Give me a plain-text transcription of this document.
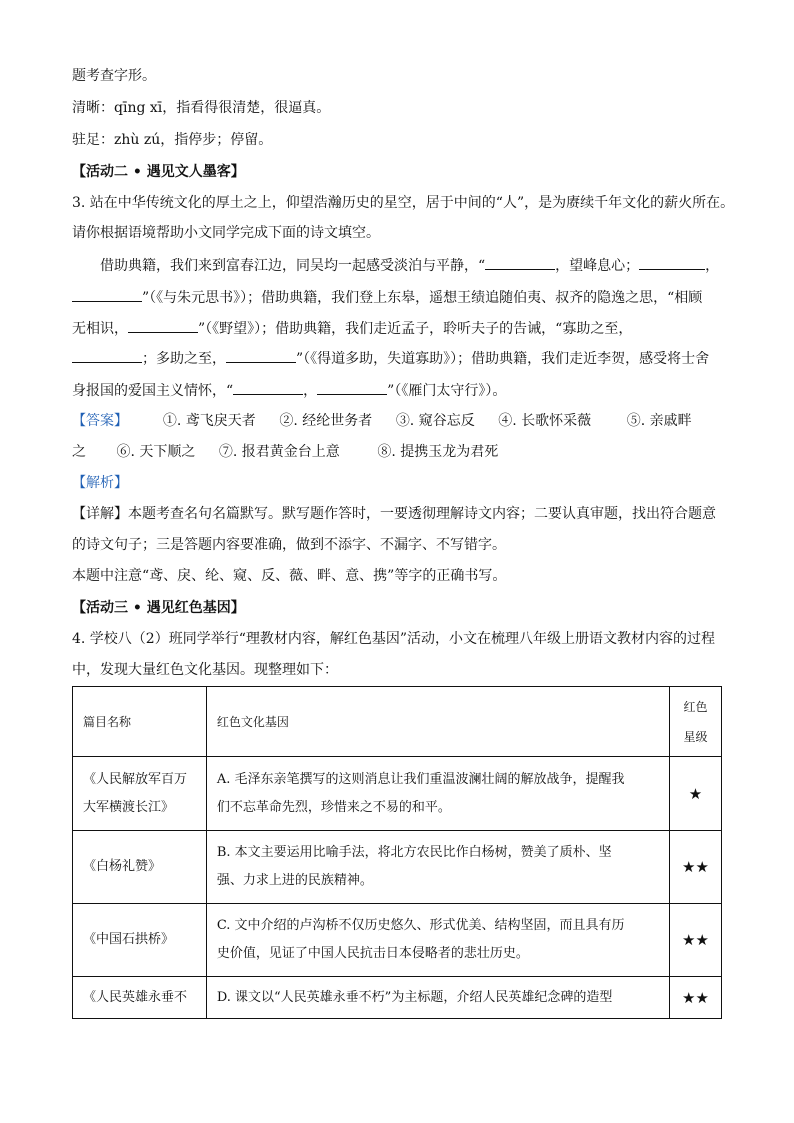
题考查字形。
清晰：qīng xī，指看得很清楚，很逼真。
驻足：zhù zú，指停步；停留。
【活动二 • 遇见文人墨客】
3. 站在中华传统文化的厚土之上，仰望浩瀚历史的星空，居于中间的“人”，是为赓续千年文化的薪火所在。
请你根据语境帮助小文同学完成下面的诗文填空。
借助典籍，我们来到富春江边，同吴均一起感受淡泊与平静，“	，望峰息心；	，
”（《与朱元思书》）；借助典籍，我们登上东皋，遥想王绩追随伯夷、叔齐的隐逸之思，“相顾
无相识，	”（《野望》）；借助典籍，我们走近孟子，聆听夫子的告诫，“寡助之至，
；多助之至，	”（《得道多助，失道寡助》）；借助典籍，我们走近李贺，感受将士舍
身报国的爱国主义情怀，“	，	”（《雁门太守行》）。
【答案】 ①. 鸢飞戾天者 ②. 经纶世务者 ③. 窥谷忘反 ④. 长歌怀采薇	⑤. 亲戚畔
之 ⑥. 天下顺之 ⑦. 报君黄金台上意	⑧. 提携玉龙为君死
【解析】
【详解】本题考查名句名篇默写。默写题作答时，一要透彻理解诗文内容；二要认真审题，找出符合题意
的诗文句子；三是答题内容要准确，做到不添字、不漏字、不写错字。
本题中注意“鸢、戾、纶、窥、反、薇、畔、意、携”等字的正确书写。
【活动三 • 遇见红色基因】
4. 学校八（2）班同学举行“理教材内容，解红色基因”活动，小文在梳理八年级上册语文教材内容的过程
中，发现大量红色文化基因。现整理如下：
篇目名称	红色文化基因	红色
星级
《人民解放军百万
大军横渡长江》	A. 毛泽东亲笔撰写的这则消息让我们重温波澜壮阔的解放战争，提醒我
们不忘革命先烈，珍惜来之不易的和平。	★
《白杨礼赞》	B. 本文主要运用比喻手法，将北方农民比作白杨树，赞美了质朴、坚
强、力求上进的民族精神。	★★
《中国石拱桥》	C. 文中介绍的卢沟桥不仅历史悠久、形式优美、结构坚固，而且具有历
史价值，见证了中国人民抗击日本侵略者的悲壮历史。	★★
《人民英雄永垂不	D. 课文以“人民英雄永垂不朽”为主标题，介绍人民英雄纪念碑的造型	★★
